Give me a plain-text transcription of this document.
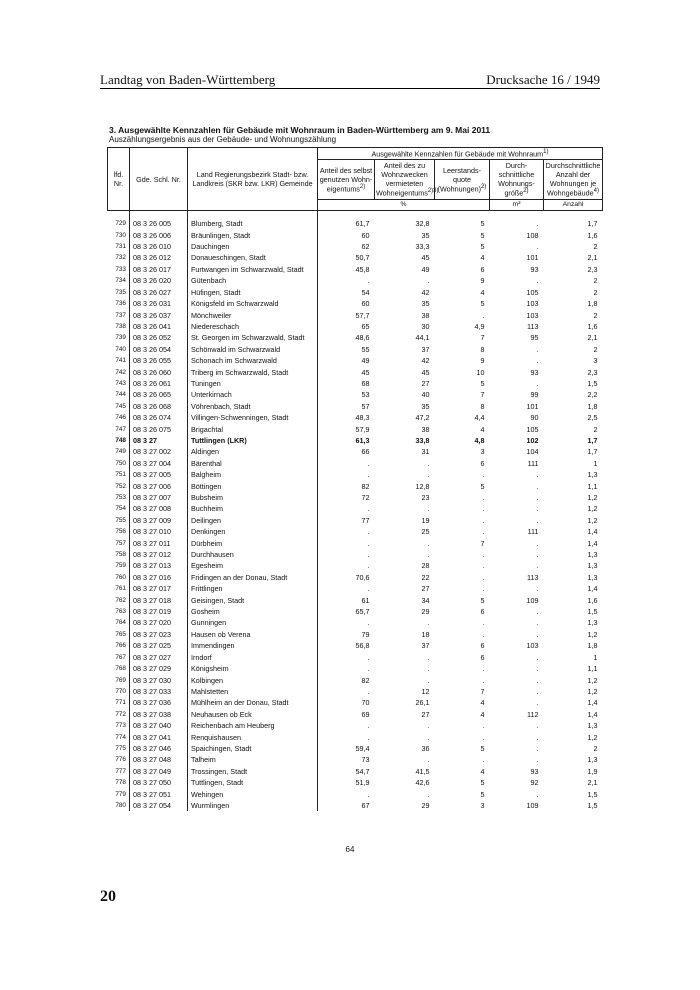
Landtag von Baden-Württemberg	Drucksache 16 / 1949
3. Ausgewählte Kennzahlen für Gebäude mit Wohnraum in Baden-Württemberg am 9. Mai 2011
Auszählungsergebnis aus der Gebäude- und Wohnungszählung
lfd. Nr.	Gde. Schl. Nr.	Land Regierungsbezirk Stadt- bzw. Landkreis (SKR bzw. LKR) Gemeinde	Ausgewählte Kennzahlen für Gebäude mit Wohnraum$^{1)}$
			Anteil des selbst genutzen Wohn-eigentums$^{2)}$	Anteil des zu Wohnzwecken vermieteten Wohneigentums$^{2)3)}$	Leerstands-quote (Wohnungen)$^{2)}$	Durch-schnittliche Wohnungs-größe$^{2)}$	Durchschnittliche Anzahl der Wohnungen je Wohngebäude$^{4)}$
			%			m²	Anzahl

729	08 3 26 005	Blumberg, Stadt	61,7	32,8	5	.	1,7
730	08 3 26 006	Bräunlingen, Stadt	60	35	5	108	1,6
731	08 3 26 010	Dauchingen	62	33,3	5	.	2
732	08 3 26 012	Donaueschingen, Stadt	50,7	45	4	101	2,1
733	08 3 26 017	Furtwangen im Schwarzwald, Stadt	45,8	49	6	93	2,3
734	08 3 26 020	Gütenbach	.	.	9	.	2
735	08 3 26 027	Hüfingen, Stadt	54	42	4	105	2
736	08 3 26 031	Königsfeld im Schwarzwald	60	35	5	103	1,8
737	08 3 26 037	Mönchweiler	57,7	38	.	103	2
738	08 3 26 041	Niedereschach	65	30	4,9	113	1,6
739	08 3 26 052	St. Georgen im Schwarzwald, Stadt	48,6	44,1	7	95	2,1
740	08 3 26 054	Schönwald im Schwarzwald	55	37	8	.	2
741	08 3 26 055	Schonach im Schwarzwald	49	42	9	.	3
742	08 3 26 060	Triberg im Schwarzwald, Stadt	45	45	10	93	2,3
743	08 3 26 061	Tuningen	68	27	5	.	1,5
744	08 3 26 065	Unterkirnach	53	40	7	99	2,2
745	08 3 26 068	Vöhrenbach, Stadt	57	35	8	101	1,8
746	08 3 26 074	Villingen-Schwenningen, Stadt	48,3	47,2	4,4	90	2,5
747	08 3 26 075	Brigachtal	57,9	38	4	105	2
748	08 3 27	Tuttlingen (LKR)	61,3	33,8	4,8	102	1,7
749	08 3 27 002	Aldingen	66	31	3	104	1,7
750	08 3 27 004	Bärenthal	.	.	6	111	1
751	08 3 27 005	Balgheim	.	.	.	.	1,3
752	08 3 27 006	Böttingen	82	12,8	5	.	1,1
753	08 3 27 007	Bubsheim	72	23	.	.	1,2
754	08 3 27 008	Buchheim	.	.	.	.	1,2
755	08 3 27 009	Deilingen	77	19	.	.	1,2
756	08 3 27 010	Denkingen	.	25	.	111	1,4
757	08 3 27 011	Dürbheim	.	.	7	.	1,4
758	08 3 27 012	Durchhausen	.	.	.	.	1,3
759	08 3 27 013	Egesheim	.	28	.	.	1,3
760	08 3 27 016	Fridingen an der Donau, Stadt	70,6	22	.	113	1,3
761	08 3 27 017	Frittlingen	.	27	.	.	1,4
762	08 3 27 018	Geisingen, Stadt	61	34	5	109	1,6
763	08 3 27 019	Gosheim	65,7	29	6	.	1,5
764	08 3 27 020	Gunningen	.	.	.	.	1,3
765	08 3 27 023	Hausen ob Verena	79	18	.	.	1,2
766	08 3 27 025	Immendingen	56,8	37	6	103	1,8
767	08 3 27 027	Irndorf	.	.	6	.	1
768	08 3 27 029	Königsheim	.	.	.	.	1,1
769	08 3 27 030	Kolbingen	82	.	.	.	1,2
770	08 3 27 033	Mahlstetten	.	12	7	.	1,2
771	08 3 27 036	Mühlheim an der Donau, Stadt	70	26,1	4	.	1,4
772	08 3 27 038	Neuhausen ob Eck	69	27	4	112	1,4
773	08 3 27 040	Reichenbach am Heuberg	.	.	.	.	1,3
774	08 3 27 041	Renquishausen	.	.	.	.	1,2
775	08 3 27 046	Spaichingen, Stadt	59,4	36	5	.	2
776	08 3 27 048	Talheim	73	.	.	.	1,3
777	08 3 27 049	Trossingen, Stadt	54,7	41,5	4	93	1,9
778	08 3 27 050	Tuttlingen, Stadt	51,9	42,6	5	92	2,1
779	08 3 27 051	Wehingen	.	.	5	.	1,5
780	08 3 27 054	Wurmlingen	67	29	3	109	1,5
64
20
